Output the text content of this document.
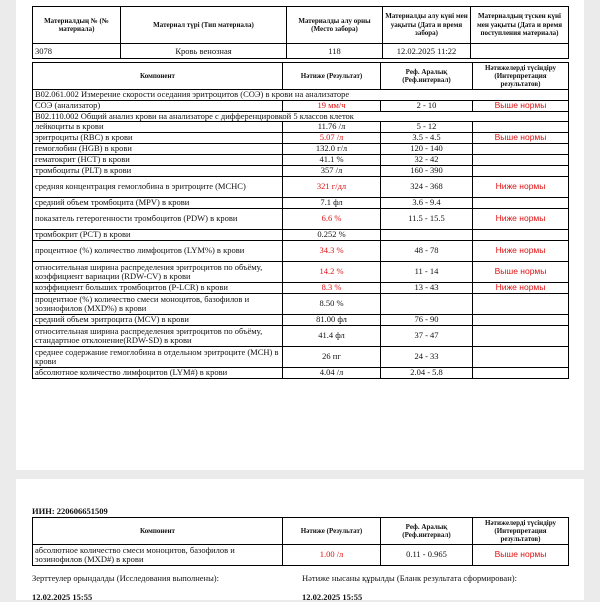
Материалдың № (№ материала)	Материал түрі (Тип материала)	Материалды алу орны (Место забора)	Материалды алу күні мен уақыты (Дата и время забора)	Материалдың түскен күні мен уақыты (Дата и время поступления материала)
3078	Кровь венозная	118	12.02.2025 11:22	
Компонент	Нәтиже (Результат)	Реф. Аралық (Реф.интервал)	Нәтижелерді түсіндіру (Интерпретация результатов)
B02.061.002 Измерение скорости оседания эритроцитов (СОЭ) в крови на анализаторе			
СОЭ (анализатор)	19 мм/ч	2 - 10	Выше нормы
B02.110.002 Общий анализ крови на анализаторе с дифференцировкой 5 классов клеток			
лейкоциты в крови	11.76 /л	5 - 12	
эритроциты (RBC) в крови	5.07 /л	3.5 - 4.5	Выше нормы
гемоглобин (HGB) в крови	132.0 г/л	120 - 140	
гематокрит (HCT) в крови	41.1 %	32 - 42	
тромбоциты (PLT) в крови	357 /л	160 - 390	
средняя концентрация гемоглобина в эритроците (MCHC)	321 г/дл	324 - 368	Ниже нормы
средний объем тромбоцита (MPV) в крови	7.1 фл	3.6 - 9.4	
показатель гетерогенности тромбоцитов (PDW) в крови	6.6 %	11.5 - 15.5	Ниже нормы
тромбокрит (PCT) в крови	0.252 %		
процентное (%) количество лимфоцитов (LYM%) в крови	34.3 %	48 - 78	Ниже нормы
относительная ширина распределения эритроцитов по объёму, коэффициент вариации (RDW-CV) в крови	14.2 %	11 - 14	Выше нормы
коэффициент больших тромбоцитов (P-LCR) в крови	8.3 %	13 - 43	Ниже нормы
процентное (%) количество смеси моноцитов, базофилов и эозинофилов (MXD%) в крови	8.50 %		
средний объем эритроцита (MCV) в крови	81.00 фл	76 - 90	
относительная ширина распределения эритроцитов по объёму, стандартное отклонение(RDW-SD) в крови	41.4 фл	37 - 47	
среднее содержание гемоглобина в отдельном эритроците (MCH) в крови	26 пг	24 - 33	
абсолютное количество лимфоцитов (LYM#) в крови	4.04 /л	2.04 - 5.8	
ИИН: 220606651509
Компонент	Нәтиже (Результат)	Реф. Аралық (Реф.интервал)	Нәтижелерді түсіндіру (Интерпретация результатов)
абсолютное количество смеси моноцитов, базофилов и эозинофилов (MXD#) в крови	1.00 /л	0.11 - 0.965	Выше нормы
Зерттеулер орындалды (Исследования выполнены):
12.02.2025 15:55
Нәтиже нысаны құрылды (Бланк результата сформирован):
12.02.2025 15:55
